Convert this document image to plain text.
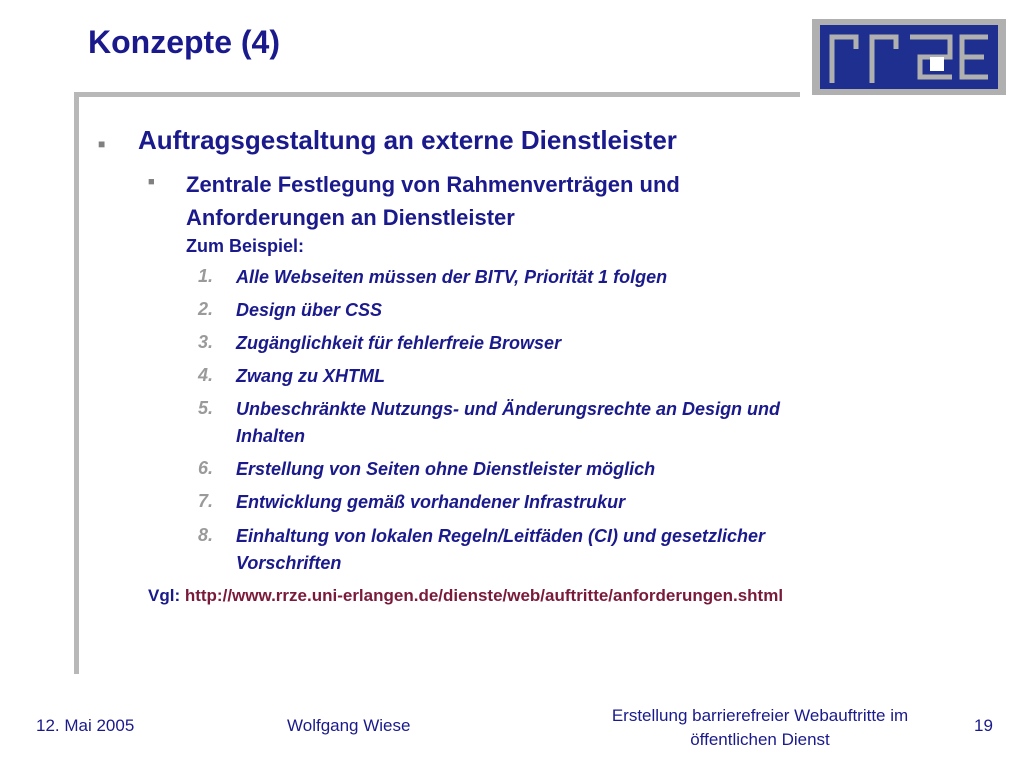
Konzepte (4)
■ Auftragsgestaltung an externe Dienstleister
■ Zentrale Festlegung von Rahmenverträgen und
Anforderungen an Dienstleister
Zum Beispiel:
1.	Alle Webseiten müssen der BITV, Priorität 1 folgen
2.	Design über CSS
3.	Zugänglichkeit für fehlerfreie Browser
4.	Zwang zu XHTML
5.	Unbeschränkte Nutzungs- und Änderungsrechte an Design und
Inhalten
6.	Erstellung von Seiten ohne Dienstleister möglich
7.	Entwicklung gemäß vorhandener Infrastrukur
8.	Einhaltung von lokalen Regeln/Leitfäden (CI) und gesetzlicher
Vorschriften
Vgl: http://www.rrze.uni-erlangen.de/dienste/web/auftritte/anforderungen.shtml
12. Mai 2005	Wolfgang Wiese
Erstellung barrierefreier Webauftritte im
öffentlichen Dienst
19
